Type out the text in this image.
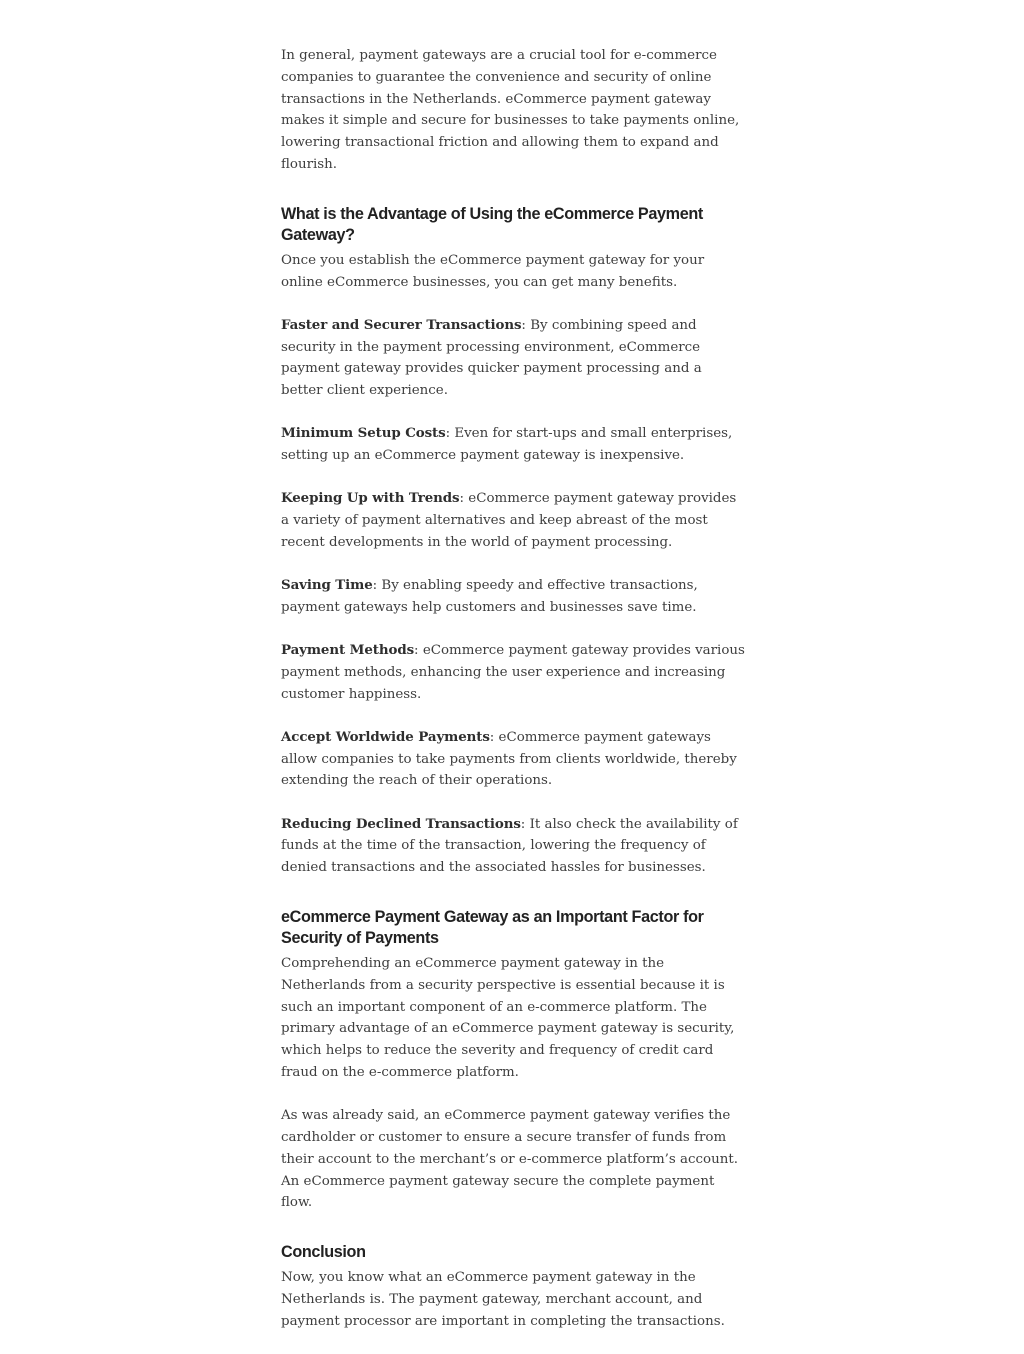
In general, payment gateways are a crucial tool for e-commerce companies to guarantee the convenience and security of online transactions in the Netherlands. eCommerce payment gateway makes it simple and secure for businesses to take payments online, lowering transactional friction and allowing them to expand and flourish.

What is the Advantage of Using the eCommerce Payment Gateway?

Once you establish the eCommerce payment gateway for your online eCommerce businesses, you can get many benefits.

Faster and Securer Transactions: By combining speed and security in the payment processing environment, eCommerce payment gateway provides quicker payment processing and a better client experience.

Minimum Setup Costs: Even for start-ups and small enterprises, setting up an eCommerce payment gateway is inexpensive.

Keeping Up with Trends: eCommerce payment gateway provides a variety of payment alternatives and keep abreast of the most recent developments in the world of payment processing.

Saving Time: By enabling speedy and effective transactions, payment gateways help customers and businesses save time.

Payment Methods: eCommerce payment gateway provides various payment methods, enhancing the user experience and increasing customer happiness.

Accept Worldwide Payments: eCommerce payment gateways allow companies to take payments from clients worldwide, thereby extending the reach of their operations.

Reducing Declined Transactions: It also check the availability of funds at the time of the transaction, lowering the frequency of denied transactions and the associated hassles for businesses.

eCommerce Payment Gateway as an Important Factor for Security of Payments

Comprehending an eCommerce payment gateway in the Netherlands from a security perspective is essential because it is such an important component of an e-commerce platform. The primary advantage of an eCommerce payment gateway is security, which helps to reduce the severity and frequency of credit card fraud on the e-commerce platform.

As was already said, an eCommerce payment gateway verifies the cardholder or customer to ensure a secure transfer of funds from their account to the merchant’s or e-commerce platform’s account. An eCommerce payment gateway secure the complete payment flow.

Conclusion

Now, you know what an eCommerce payment gateway in the Netherlands is. The payment gateway, merchant account, and payment processor are important in completing the transactions.
